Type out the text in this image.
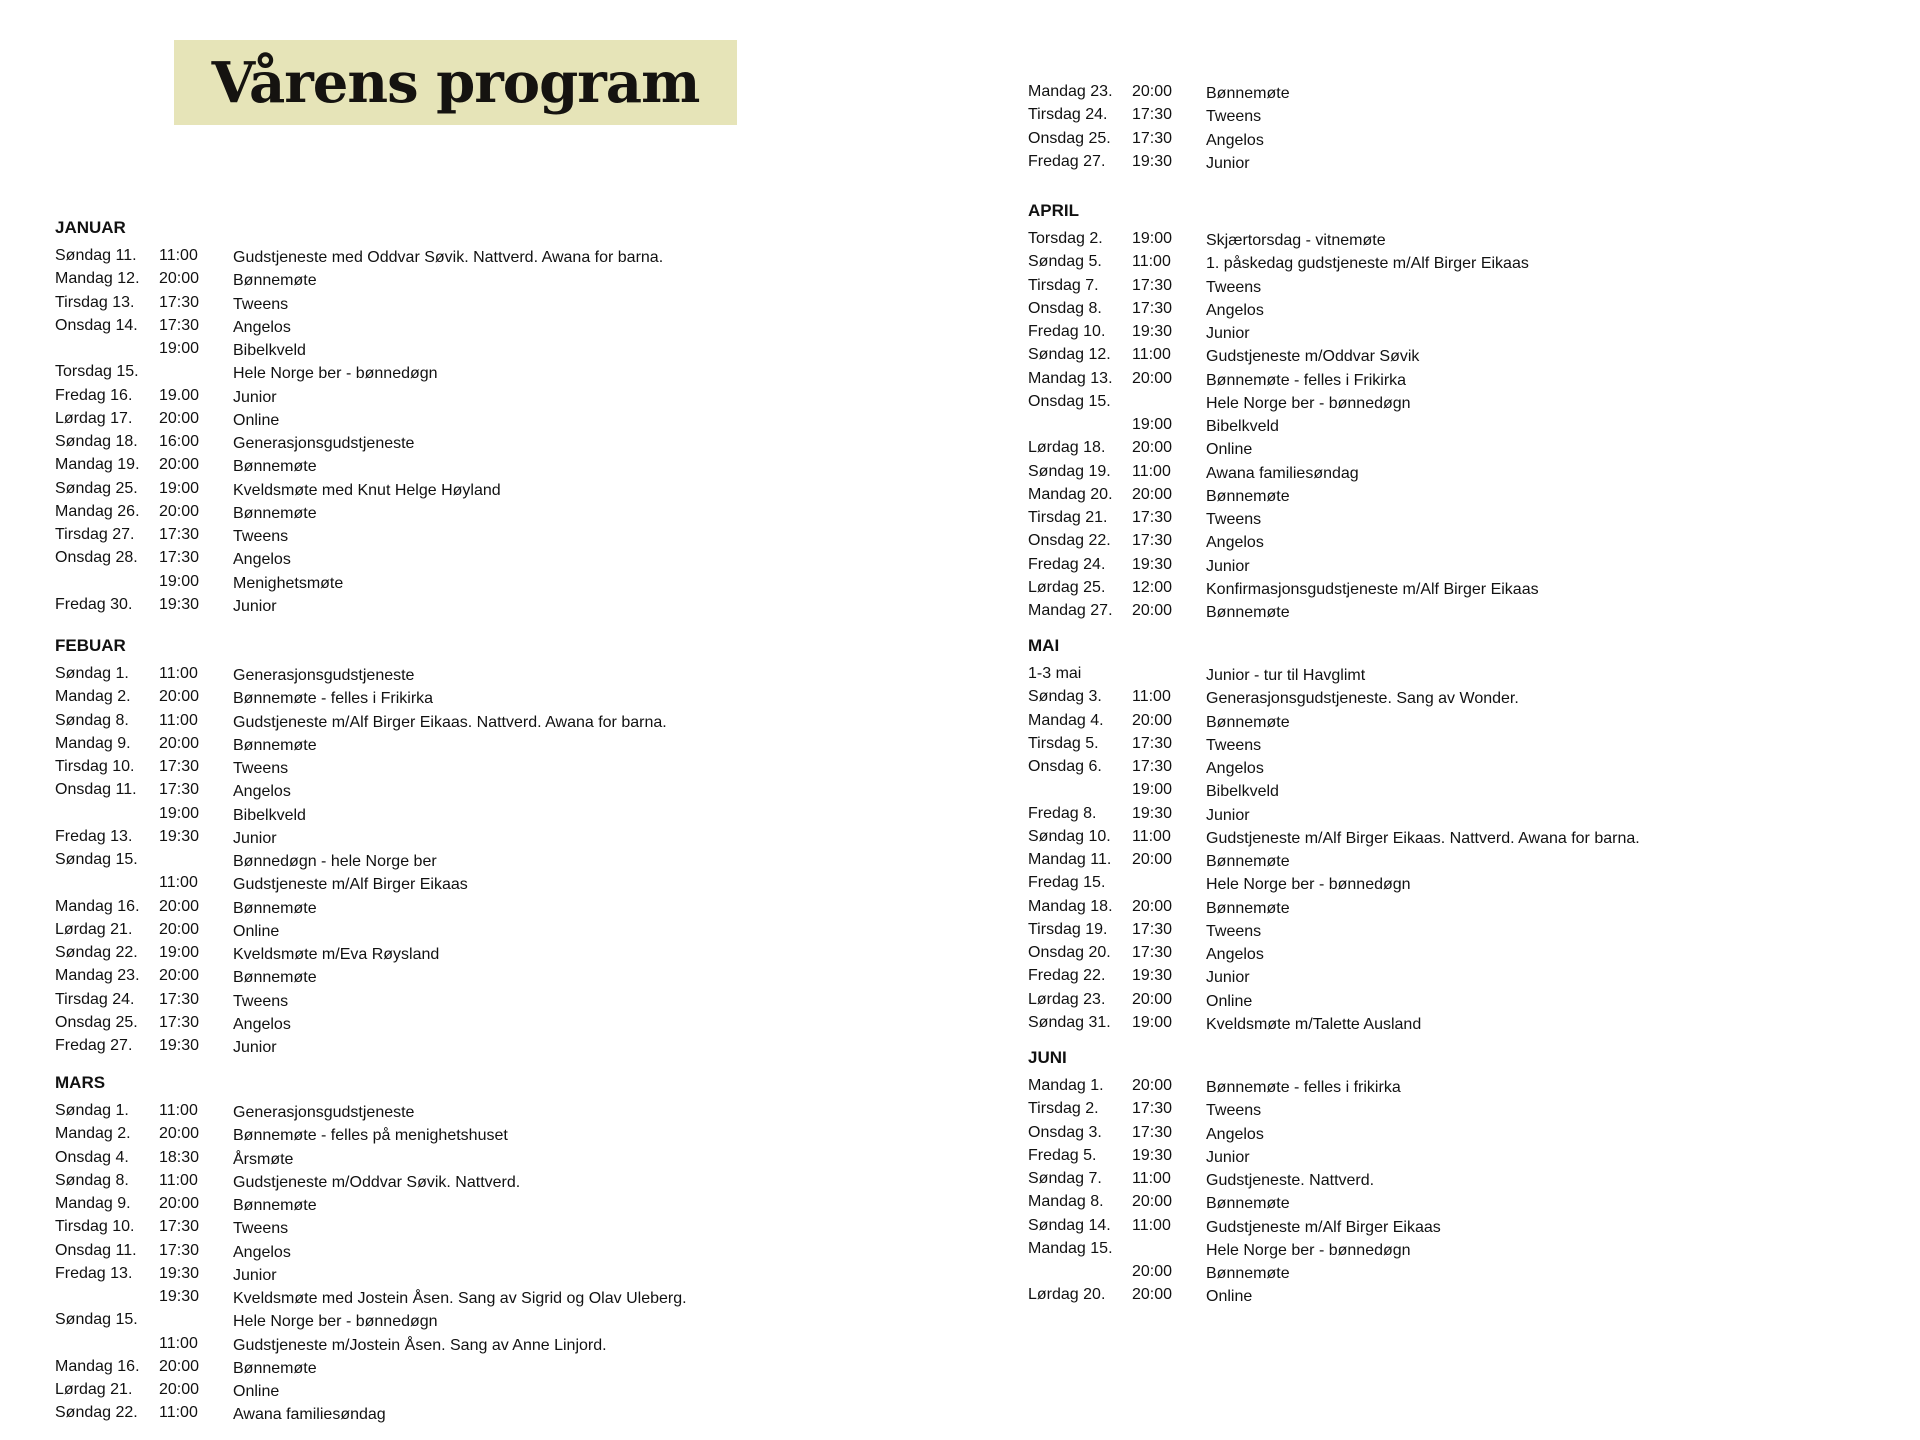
Vårens program
JANUAR
Søndag 11.	11:00	Gudstjeneste med Oddvar Søvik. Nattverd. Awana for barna.
Mandag 12.	20:00	Bønnemøte
Tirsdag 13.	17:30	Tweens
Onsdag 14.	17:30	Angelos
19:00	Bibelkveld
Torsdag 15.	Hele Norge ber - bønnedøgn
Fredag 16.	19.00	Junior
Lørdag 17.	20:00	Online
Søndag 18.	16:00	Generasjonsgudstjeneste
Mandag 19.	20:00	Bønnemøte
Søndag 25.	19:00	Kveldsmøte med Knut Helge Høyland
Mandag 26.	20:00	Bønnemøte
Tirsdag 27.	17:30	Tweens
Onsdag 28.	17:30	Angelos
19:00	Menighetsmøte
Fredag 30.	19:30	Junior
FEBUAR
Søndag 1.	11:00	Generasjonsgudstjeneste
Mandag 2.	20:00	Bønnemøte - felles i Frikirka
Søndag 8.	11:00	Gudstjeneste m/Alf Birger Eikaas. Nattverd. Awana for barna.
Mandag 9.	20:00	Bønnemøte
Tirsdag 10.	17:30	Tweens
Onsdag 11.	17:30	Angelos
19:00	Bibelkveld
Fredag 13.	19:30	Junior
Søndag 15.	Bønnedøgn - hele Norge ber
11:00	Gudstjeneste m/Alf Birger Eikaas
Mandag 16.	20:00	Bønnemøte
Lørdag 21.	20:00	Online
Søndag 22.	19:00	Kveldsmøte m/Eva Røysland
Mandag 23.	20:00	Bønnemøte
Tirsdag 24.	17:30	Tweens
Onsdag 25.	17:30	Angelos
Fredag 27.	19:30	Junior
MARS
Søndag 1.	11:00	Generasjonsgudstjeneste
Mandag 2.	20:00	Bønnemøte - felles på menighetshuset
Onsdag 4.	18:30	Årsmøte
Søndag 8.	11:00	Gudstjeneste m/Oddvar Søvik. Nattverd.
Mandag 9.	20:00	Bønnemøte
Tirsdag 10.	17:30	Tweens
Onsdag 11.	17:30	Angelos
Fredag 13.	19:30	Junior
19:30	Kveldsmøte med Jostein Åsen. Sang av Sigrid og Olav Uleberg.
Søndag 15.	Hele Norge ber - bønnedøgn
11:00	Gudstjeneste m/Jostein Åsen. Sang av Anne Linjord.
Mandag 16.	20:00	Bønnemøte
Lørdag 21.	20:00	Online
Søndag 22.	11:00	Awana familiesøndag
Mandag 23.	20:00	Bønnemøte
Tirsdag 24.	17:30	Tweens
Onsdag 25.	17:30	Angelos
Fredag 27.	19:30	Junior
APRIL
Torsdag 2.	19:00	Skjærtorsdag - vitnemøte
Søndag 5.	11:00	1. påskedag gudstjeneste m/Alf Birger Eikaas
Tirsdag 7.	17:30	Tweens
Onsdag 8.	17:30	Angelos
Fredag 10.	19:30	Junior
Søndag 12.	11:00	Gudstjeneste m/Oddvar Søvik
Mandag 13.	20:00	Bønnemøte - felles i Frikirka
Onsdag 15.	Hele Norge ber - bønnedøgn
19:00	Bibelkveld
Lørdag 18.	20:00	Online
Søndag 19.	11:00	Awana familiesøndag
Mandag 20.	20:00	Bønnemøte
Tirsdag 21.	17:30	Tweens
Onsdag 22.	17:30	Angelos
Fredag 24.	19:30	Junior
Lørdag 25.	12:00	Konfirmasjonsgudstjeneste m/Alf Birger Eikaas
Mandag 27.	20:00	Bønnemøte
MAI
1-3 mai	Junior - tur til Havglimt
Søndag 3.	11:00	Generasjonsgudstjeneste. Sang av Wonder.
Mandag 4.	20:00	Bønnemøte
Tirsdag 5.	17:30	Tweens
Onsdag 6.	17:30	Angelos
19:00	Bibelkveld
Fredag 8.	19:30	Junior
Søndag 10.	11:00	Gudstjeneste m/Alf Birger Eikaas. Nattverd. Awana for barna.
Mandag 11.	20:00	Bønnemøte
Fredag 15.	Hele Norge ber - bønnedøgn
Mandag 18.	20:00	Bønnemøte
Tirsdag 19.	17:30	Tweens
Onsdag 20.	17:30	Angelos
Fredag 22.	19:30	Junior
Lørdag 23.	20:00	Online
Søndag 31.	19:00	Kveldsmøte m/Talette Ausland
JUNI
Mandag 1.	20:00	Bønnemøte - felles i frikirka
Tirsdag 2.	17:30	Tweens
Onsdag 3.	17:30	Angelos
Fredag 5.	19:30	Junior
Søndag 7.	11:00	Gudstjeneste. Nattverd.
Mandag 8.	20:00	Bønnemøte
Søndag 14.	11:00	Gudstjeneste m/Alf Birger Eikaas
Mandag 15.	Hele Norge ber - bønnedøgn
20:00	Bønnemøte
Lørdag 20.	20:00	Online
